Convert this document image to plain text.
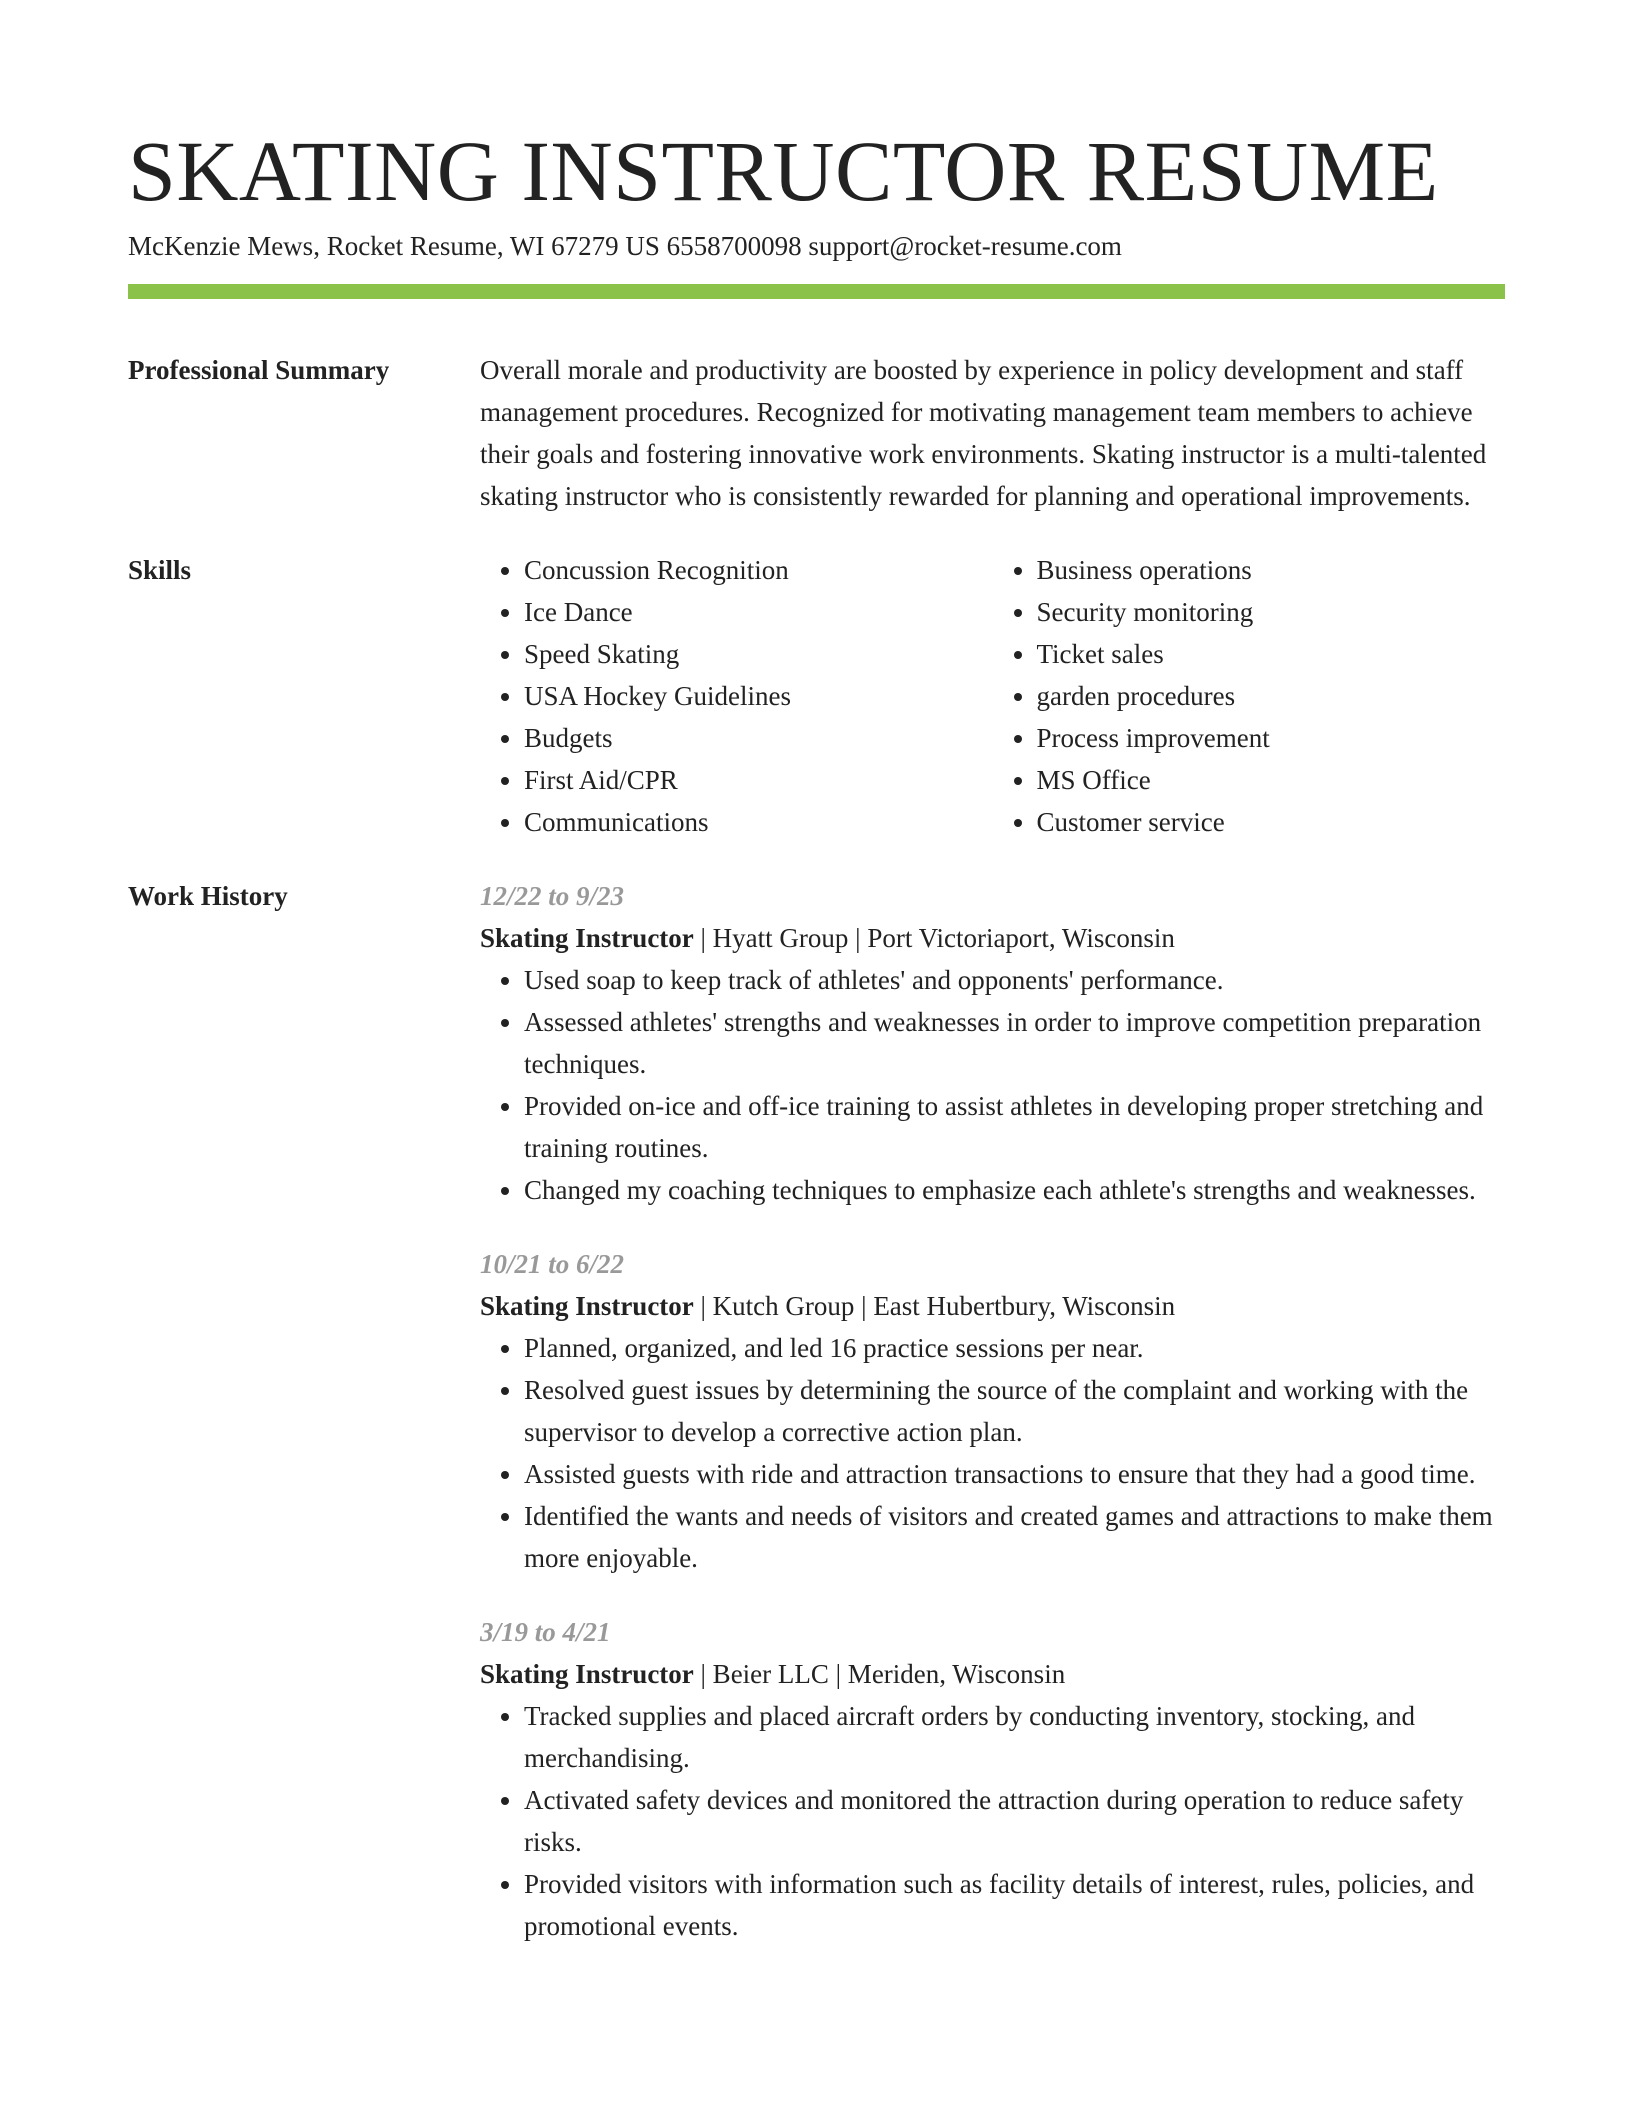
SKATING INSTRUCTOR RESUME
McKenzie Mews, Rocket Resume, WI 67279 US 6558700098 support@rocket-resume.com
Professional Summary	Overall morale and productivity are boosted by experience in policy development and staff management procedures. Recognized for motivating management team members to achieve their goals and fostering innovative work environments. Skating instructor is a multi-talented skating instructor who is consistently rewarded for planning and operational improvements.
Skills
•	Concussion Recognition
• Ice Dance
• Speed Skating
• USA Hockey Guidelines
• Budgets
• First Aid/CPR
• Communications
• Business operations
• Security monitoring
• Ticket sales
• garden procedures
• Process improvement
• MS Office
• Customer service
Work History	12/22 to 9/23
Skating Instructor | Hyatt Group | Port Victoriaport, Wisconsin
• Used soap to keep track of athletes' and opponents' performance.
• Assessed athletes' strengths and weaknesses in order to improve competition preparation techniques.
• Provided on-ice and off-ice training to assist athletes in developing proper stretching and training routines.
• Changed my coaching techniques to emphasize each athlete's strengths and weaknesses.
10/21 to 6/22
Skating Instructor | Kutch Group | East Hubertbury, Wisconsin
• Planned, organized, and led 16 practice sessions per near.
• Resolved guest issues by determining the source of the complaint and working with the supervisor to develop a corrective action plan.
• Assisted guests with ride and attraction transactions to ensure that they had a good time.
• Identified the wants and needs of visitors and created games and attractions to make them more enjoyable.
3/19 to 4/21
Skating Instructor | Beier LLC | Meriden, Wisconsin
• Tracked supplies and placed aircraft orders by conducting inventory, stocking, and merchandising.
• Activated safety devices and monitored the attraction during operation to reduce safety risks.
• Provided visitors with information such as facility details of interest, rules, policies, and promotional events.
